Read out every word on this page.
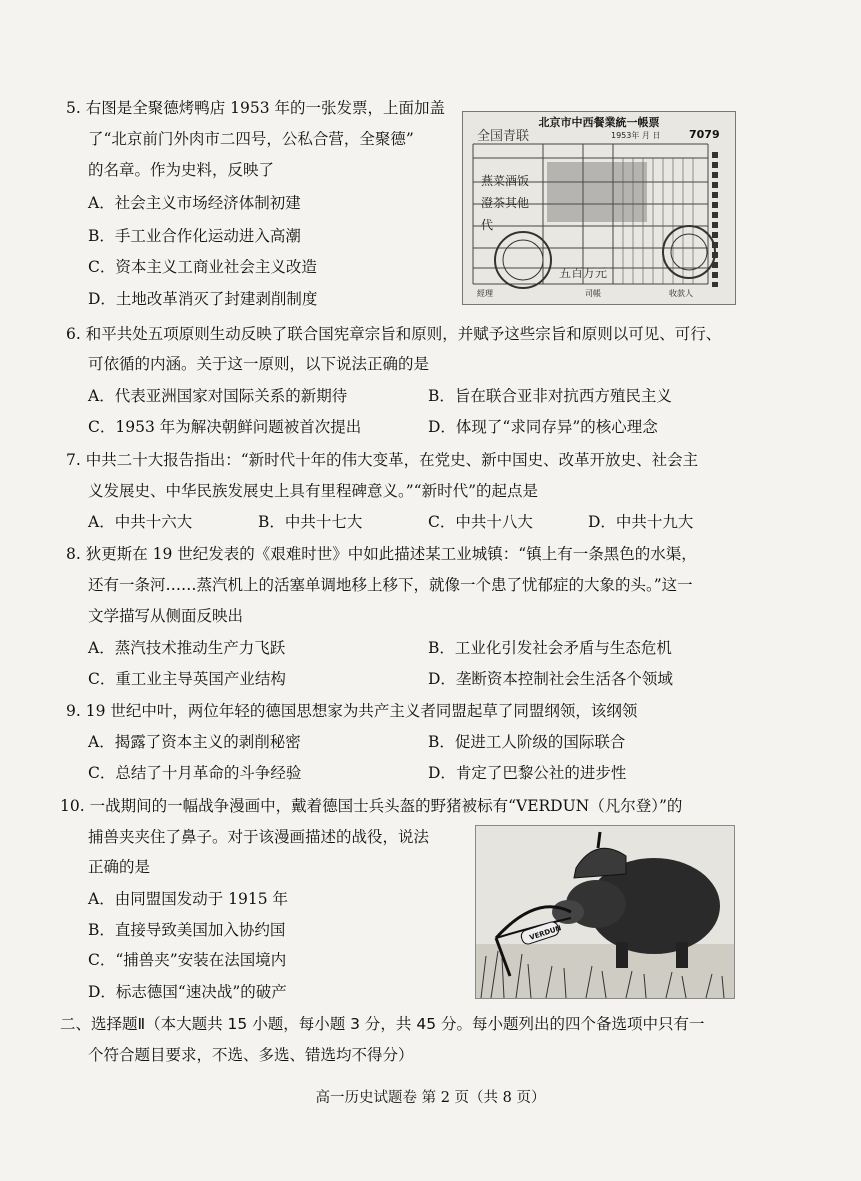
5. 右图是全聚德烤鸭店 1953 年的一张发票，上面加盖
了“北京前门外肉市二四号，公私合营，全聚德”
的名章。作为史料，反映了
A．社会主义市场经济体制初建
B．手工业合作化运动进入高潮
C．资本主义工商业社会主义改造
D．土地改革消灭了封建剥削制度
北京市中西餐業統一帳票
全国青联	1953年 月 日	7079
燕菜酒饭
澄茶其他
代
五百万元
經理	司帳	收款人
6. 和平共处五项原则生动反映了联合国宪章宗旨和原则，并赋予这些宗旨和原则以可见、可行、
可依循的内涵。关于这一原则，以下说法正确的是
A．代表亚洲国家对国际关系的新期待	B．旨在联合亚非对抗西方殖民主义
C．1953 年为解决朝鲜问题被首次提出	D．体现了“求同存异”的核心理念
7. 中共二十大报告指出：“新时代十年的伟大变革，在党史、新中国史、改革开放史、社会主
义发展史、中华民族发展史上具有里程碑意义。”“新时代”的起点是
A．中共十六大	B．中共十七大	C．中共十八大	D．中共十九大
8. 狄更斯在 19 世纪发表的《艰难时世》中如此描述某工业城镇：“镇上有一条黑色的水渠，
还有一条河……蒸汽机上的活塞单调地移上移下，就像一个患了忧郁症的大象的头。”这一
文学描写从侧面反映出
A．蒸汽技术推动生产力飞跃	B．工业化引发社会矛盾与生态危机
C．重工业主导英国产业结构	D．垄断资本控制社会生活各个领域
9. 19 世纪中叶，两位年轻的德国思想家为共产主义者同盟起草了同盟纲领，该纲领
A．揭露了资本主义的剥削秘密	B．促进工人阶级的国际联合
C．总结了十月革命的斗争经验	D．肯定了巴黎公社的进步性
10. 一战期间的一幅战争漫画中，戴着德国士兵头盔的野猪被标有“VERDUN（凡尔登）”的
捕兽夹夹住了鼻子。对于该漫画描述的战役，说法
正确的是
A．由同盟国发动于 1915 年
B．直接导致美国加入协约国
C．“捕兽夹”安装在法国境内
D．标志德国“速决战”的破产
VERDUN
二、选择题Ⅱ（本大题共 15 小题，每小题 3 分，共 45 分。每小题列出的四个备选项中只有一
个符合题目要求，不选、多选、错选均不得分）
高一历史试题卷 第 2 页（共 8 页）
